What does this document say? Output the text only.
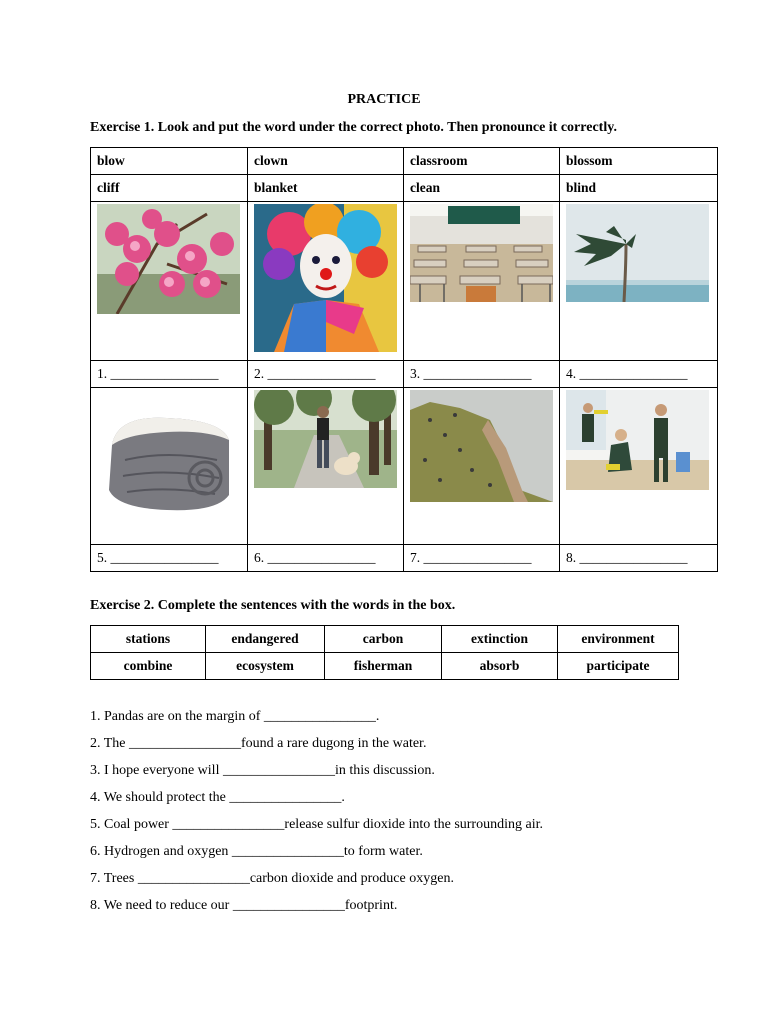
PRACTICE
Exercise 1. Look and put the word under the correct photo. Then pronounce it correctly.
blow	clown	classroom	blossom
cliff	blanket	clean	blind

1. ________________	2. ________________	3. ________________	4. ________________

5. ________________	6. ________________	7. ________________	8. ________________
Exercise 2. Complete the sentences with the words in the box.
stations	endangered	carbon	extinction	environment
combine	ecosystem	fisherman	absorb	participate
1. Pandas are on the margin of ________________.
2. The ________________found a rare dugong in the water.
3. I hope everyone will ________________in this discussion.
4. We should protect the ________________.
5. Coal power ________________release sulfur dioxide into the surrounding air.
6. Hydrogen and oxygen ________________to form water.
7. Trees ________________carbon dioxide and produce oxygen.
8. We need to reduce our ________________footprint.
